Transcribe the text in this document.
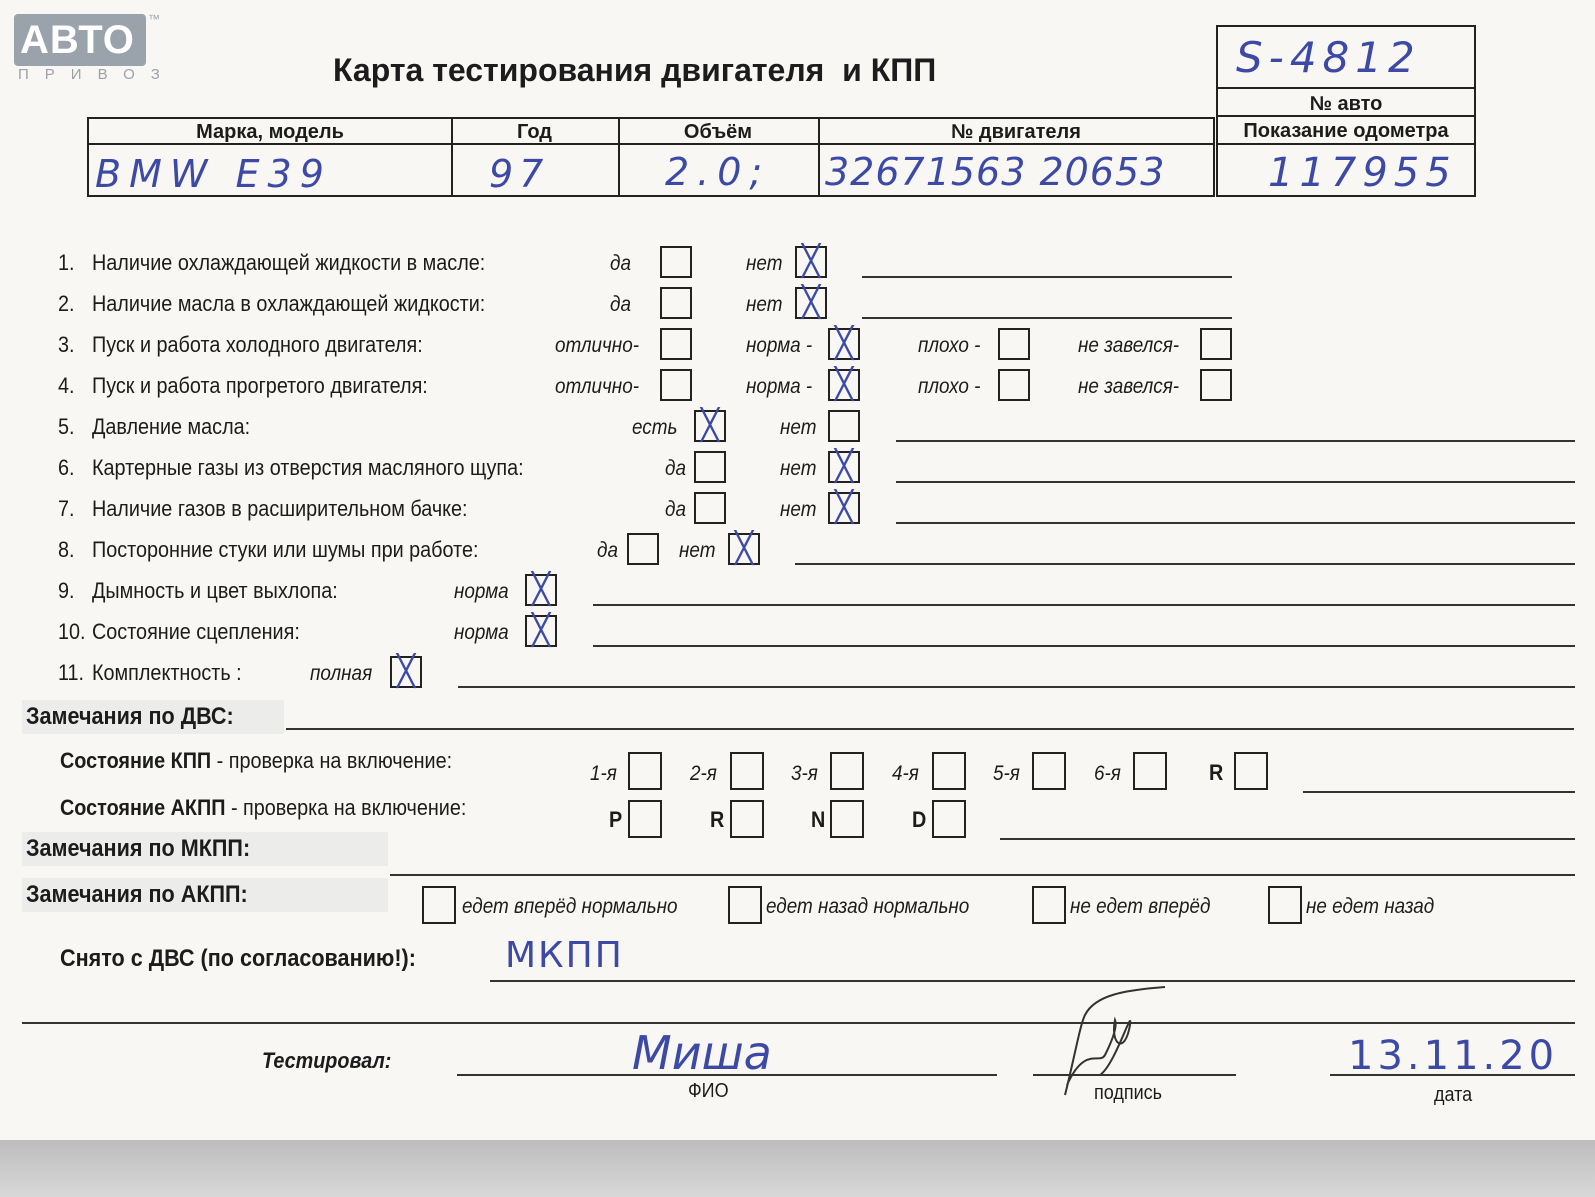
АВТО
ПРИВОЗ
™
Карта тестирования двигателя  и КПП	S-4812
№ авто
Показание одометра
117955
Марка, модель	Год	Объём	№ двигателя
BMW E39	97	2.0; 32671563 20653
1. Наличие охлаждающей жидкости в масле:	да	нет ╳
2. Наличие масла в охлаждающей жидкости:	да	нет ╳
3. Пуск и работа холодного двигателя:	отлично-	норма - ╳	плохо -	не завелся-
4. Пуск и работа прогретого двигателя:	отлично-	норма - ╳	плохо -	не завелся-
5. Давление масла:	есть ╳	нет
6. Картерные газы из отверстия масляного щупа:	да	нет ╳
7. Наличие газов в расширительном бачке:	да	нет ╳
8. Посторонние стуки или шумы при работе:	да	нет ╳
9. Дымность и цвет выхлопа:	норма ╳
10. Состояние сцепления:	норма ╳
11. Комплектность :	полная ╳
Замечания по ДВС:
Состояние КПП - проверка на включение:
1-я	2-я	3-я	4-я	5-я	6-я	R
Состояние АКПП - проверка на включение:	P	R	N	D
Замечания по МКПП:
Замечания по АКПП:	едет вперёд нормально	едет назад нормально	не едет вперёд	не едет назад
Снято с ДВС (по согласованию!): МКПП
Тестировал:	Миша
ФИО	подпись
13.11.20
дата
